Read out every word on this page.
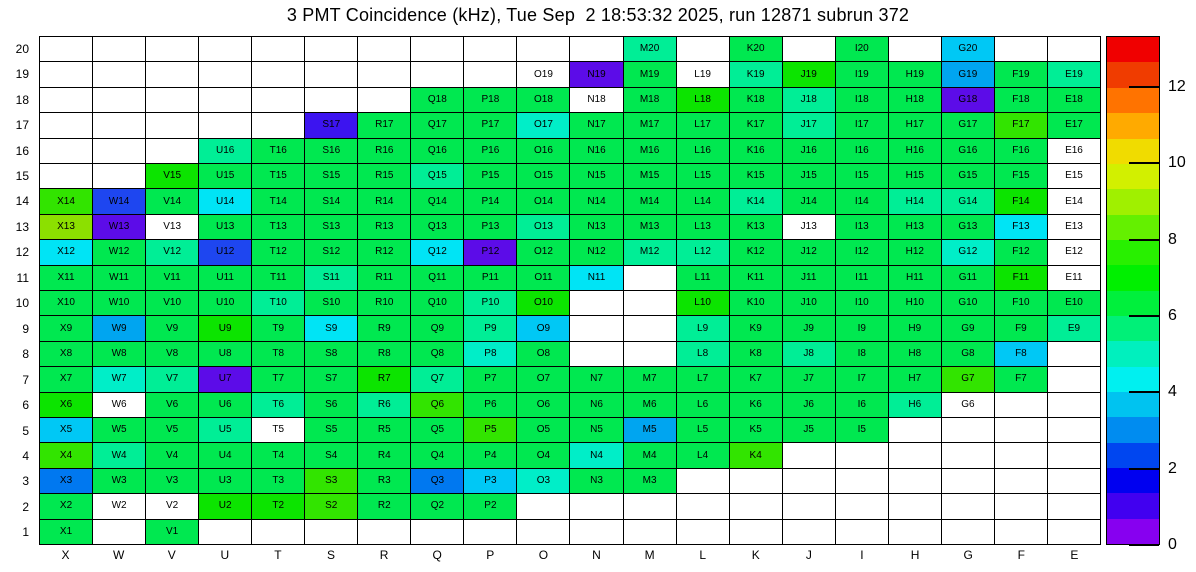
3 PMT Coincidence (kHz), Tue Sep  2 18:53:32 2025, run 12871 subrun 372
20
19
18
17
16
15
14
13
12
11
10
9
8
7
6
5
4
3
2
1
M20	K20	I20	G20
O19	N19	M19	L19	K19	J19	I19	H19	G19	F19	E19
Q18	P18	O18	N18	M18	L18	K18	J18	I18	H18	G18	F18	E18
S17	R17	Q17	P17	O17	N17	M17	L17	K17	J17	I17	H17	G17	F17	E17
U16	T16	S16	R16	Q16	P16	O16	N16	M16	L16	K16	J16	I16	H16	G16	F16	E16
V15	U15	T15	S15	R15	Q15	P15	O15	N15	M15	L15	K15	J15	I15	H15	G15	F15	E15
X14	W14	V14	U14	T14	S14	R14	Q14	P14	O14	N14	M14	L14	K14	J14	I14	H14	G14	F14	E14
X13	W13	V13	U13	T13	S13	R13	Q13	P13	O13	N13	M13	L13	K13	J13	I13	H13	G13	F13	E13
X12	W12	V12	U12	T12	S12	R12	Q12	P12	O12	N12	M12	L12	K12	J12	I12	H12	G12	F12	E12
X11	W11	V11	U11	T11	S11	R11	Q11	P11	O11	N11	L11	K11	J11	I11	H11	G11	F11	E11
X10	W10	V10	U10	T10	S10	R10	Q10	P10	O10	L10	K10	J10	I10	H10	G10	F10	E10
X9	W9	V9	U9	T9	S9	R9	Q9	P9	O9	L9	K9	J9	I9	H9	G9	F9	E9
X8	W8	V8	U8	T8	S8	R8	Q8	P8	O8	L8	K8	J8	I8	H8	G8	F8
X7	W7	V7	U7	T7	S7	R7	Q7	P7	O7	N7	M7	L7	K7	J7	I7	H7	G7	F7
X6	W6	V6	U6	T6	S6	R6	Q6	P6	O6	N6	M6	L6	K6	J6	I6	H6	G6
X5	W5	V5	U5	T5	S5	R5	Q5	P5	O5	N5	M5	L5	K5	J5	I5
X4	W4	V4	U4	T4	S4	R4	Q4	P4	O4	N4	M4	L4	K4
X3	W3	V3	U3	T3	S3	R3	Q3	P3	O3	N3	M3
X2	W2	V2	U2	T2	S2	R2	Q2	P2
X1	V1
X	W	V	U	T	S	R	Q	P	O	N	M	L	K	J	I	H	G	F	E
0
2
4
6
8
10
12
